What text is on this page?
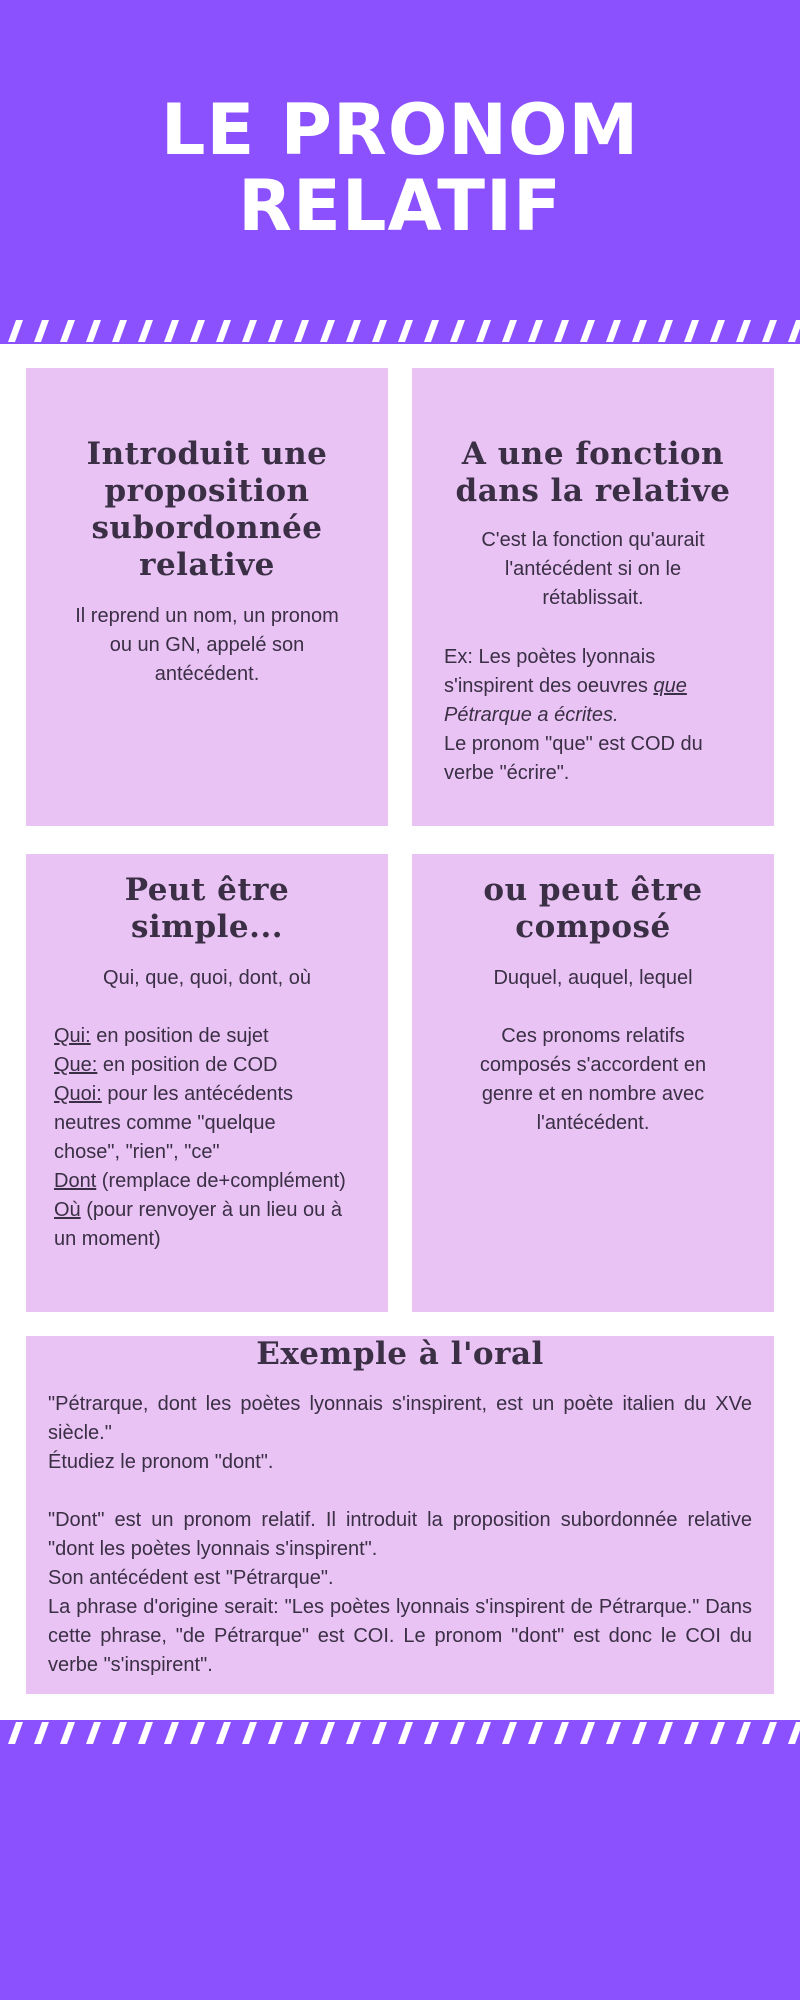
LE PRONOM
RELATIF
Introduit une
proposition
subordonnée
relative
Il reprend un nom, un pronom
ou un GN, appelé son
antécédent.
A une fonction
dans la relative
C'est la fonction qu'aurait
l'antécédent si on le
rétablissait.
Ex: Les poètes lyonnais
s'inspirent des oeuvres que
Pétrarque a écrites.
Le pronom "que" est COD du
verbe "écrire".
Peut être
simple...
Qui, que, quoi, dont, où
Qui: en position de sujet
Que: en position de COD
Quoi: pour les antécédents
neutres comme "quelque
chose", "rien", "ce"
Dont (remplace de+complément)
Où (pour renvoyer à un lieu ou à
un moment)
ou peut être
composé
Duquel, auquel, lequel
Ces pronoms relatifs
composés s'accordent en
genre et en nombre avec
l'antécédent.
Exemple à l'oral
"Pétrarque, dont les poètes lyonnais s'inspirent, est un poète italien du XVe siècle."
Étudiez le pronom "dont".
"Dont" est un pronom relatif. Il introduit la proposition subordonnée relative "dont les poètes lyonnais s'inspirent".
Son antécédent est "Pétrarque".
La phrase d'origine serait: "Les poètes lyonnais s'inspirent de Pétrarque." Dans cette phrase, "de Pétrarque" est COI. Le pronom "dont" est donc le COI du verbe "s'inspirent".
